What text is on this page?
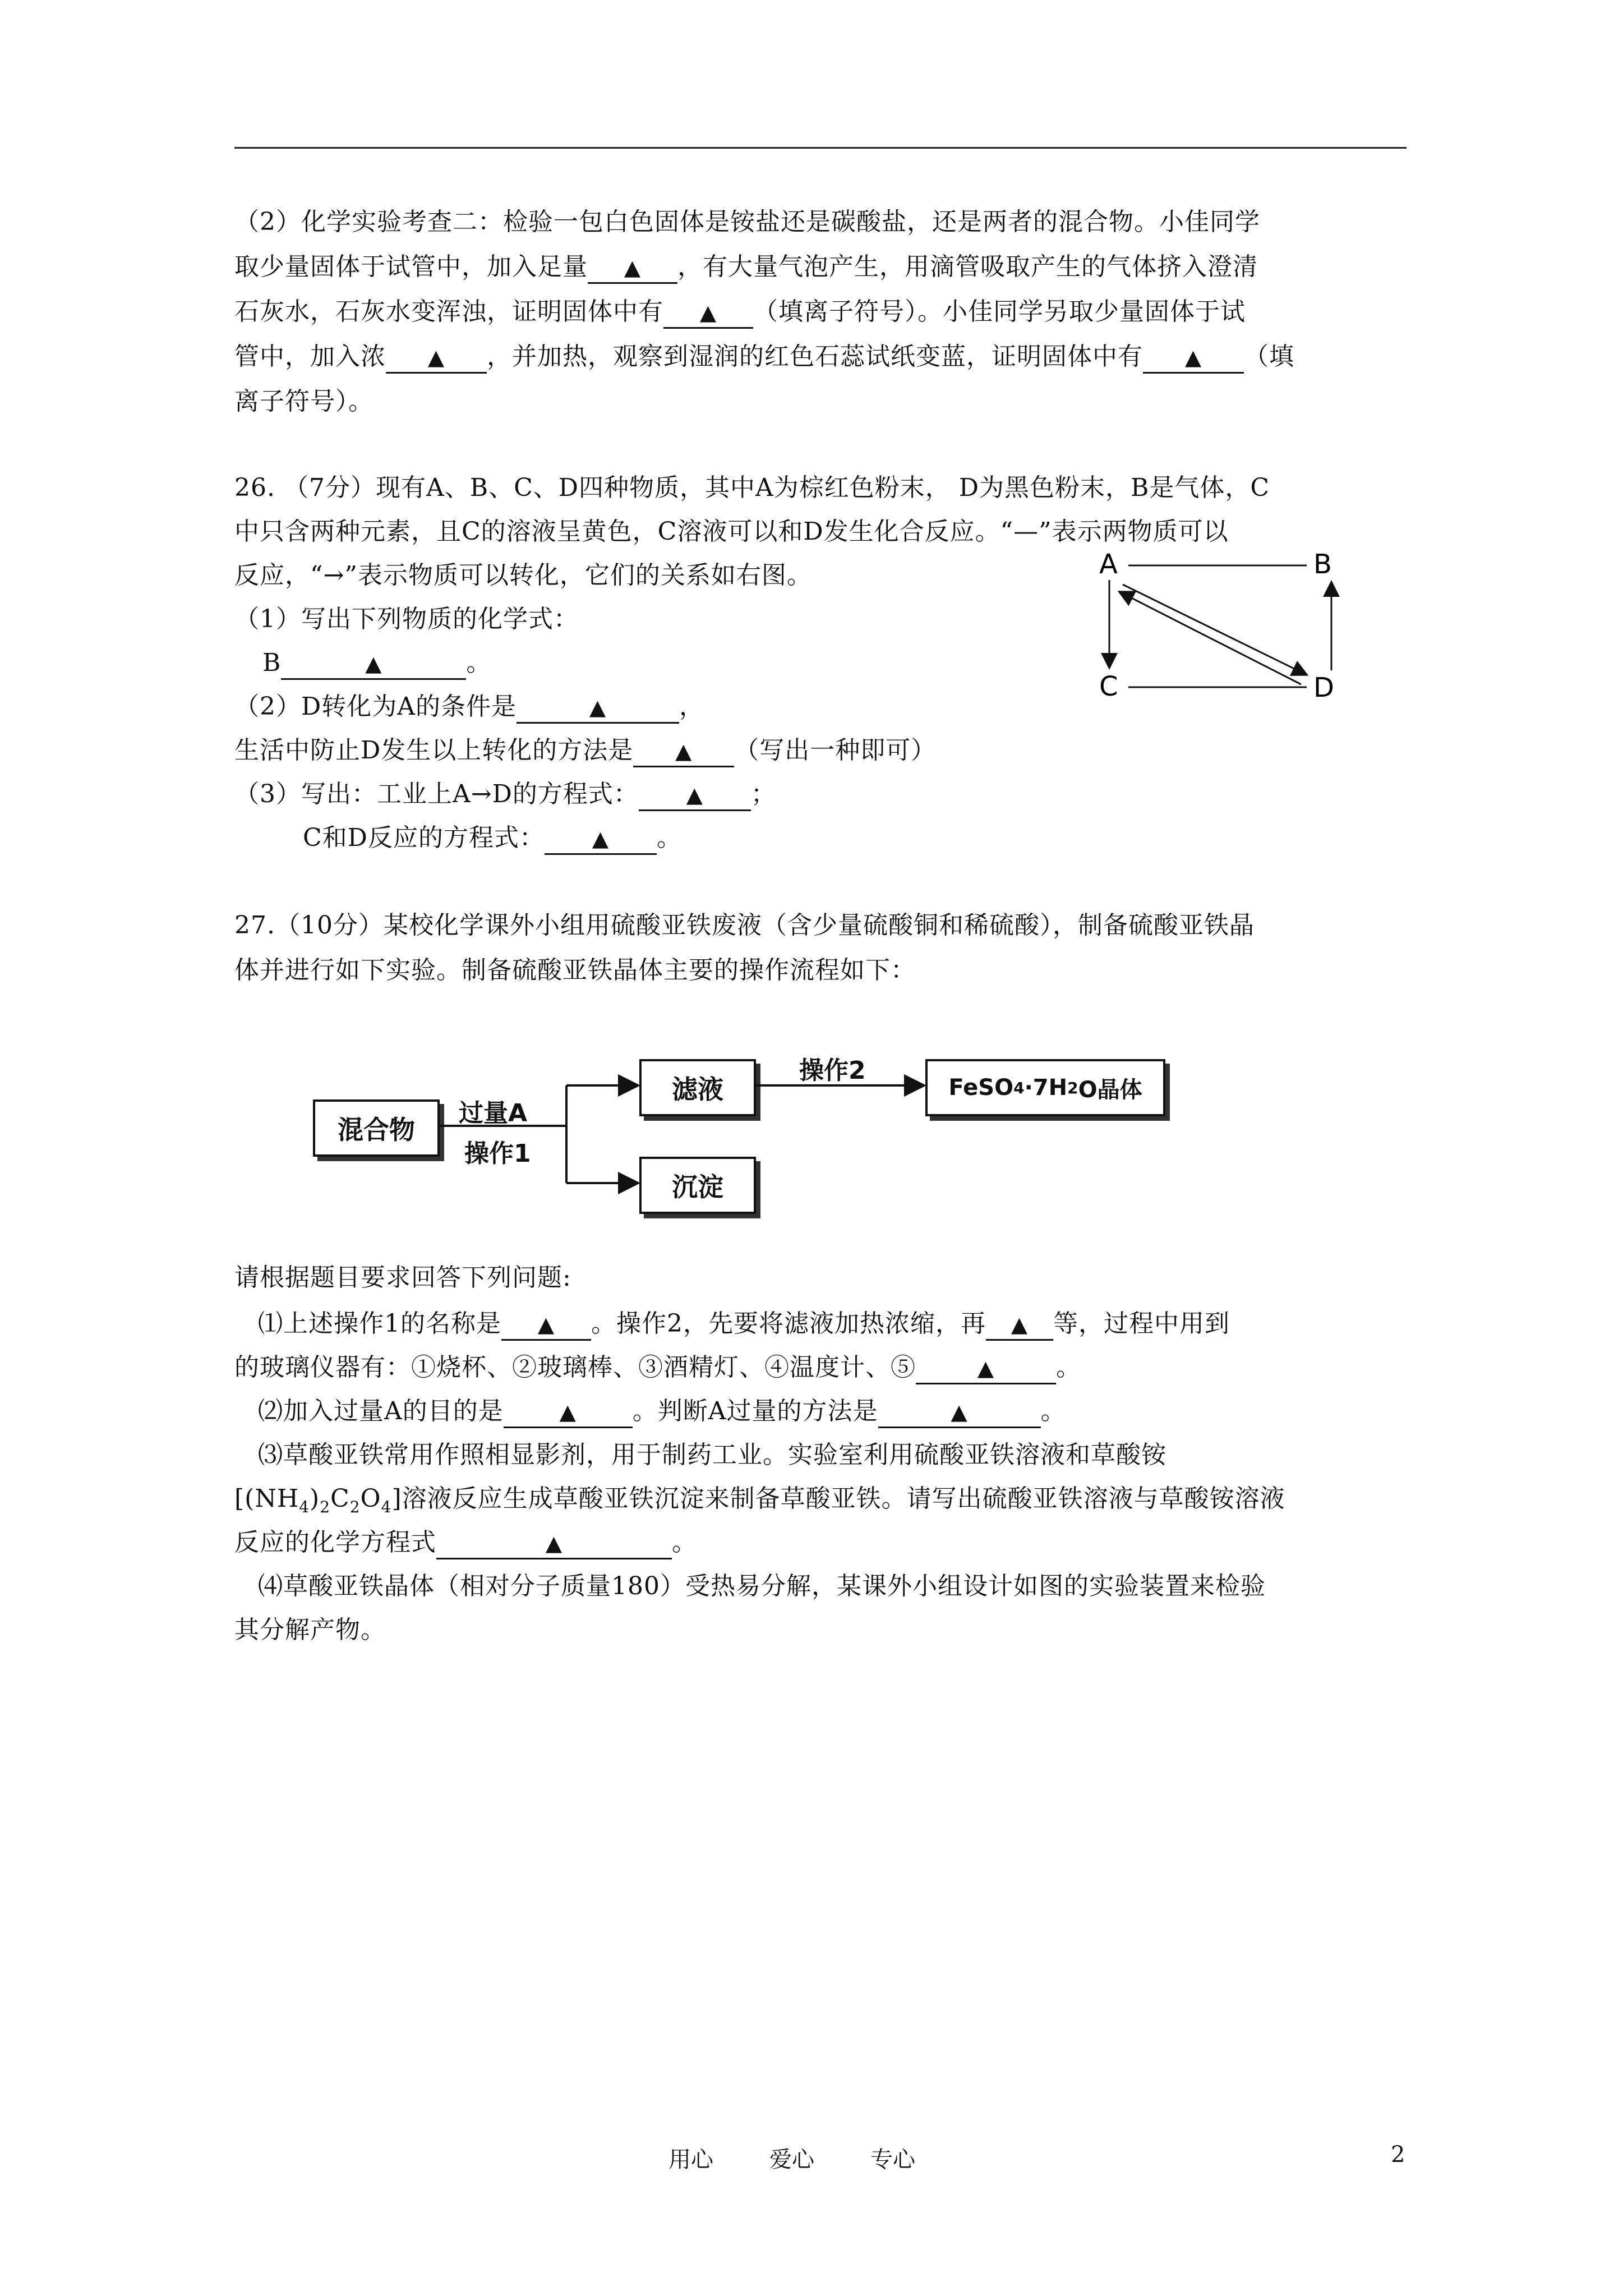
（2）化学实验考查二：检验一包白色固体是铵盐还是碳酸盐，还是两者的混合物。小佳同学
取少量固体于试管中，加入足量 ▲ ，有大量气泡产生，用滴管吸取产生的气体挤入澄清
石灰水，石灰水变浑浊，证明固体中有 ▲ （填离子符号）。小佳同学另取少量固体于试
管中，加入浓 ▲ ，并加热，观察到湿润的红色石蕊试纸变蓝，证明固体中有 ▲ （填
离子符号）。
26. （7分）现有A、B、C、D四种物质，其中A为棕红色粉末， D为黑色粉末，B是气体，C
中只含两种元素，且C的溶液呈黄色，C溶液可以和D发生化合反应。“—”表示两物质可以
反应，“→”表示物质可以转化，它们的关系如右图。
（1）写出下列物质的化学式：
B	▲	。
（2）D转化为A的条件是	▲	，
生活中防止D发生以上转化的方法是 ▲ （写出一种即可）
（3）写出：工业上A→D的方程式： ▲ ；
C和D反应的方程式： ▲ 。
A	B
C	D
27.（10分）某校化学课外小组用硫酸亚铁废液（含少量硫酸铜和稀硫酸），制备硫酸亚铁晶
体并进行如下实验。制备硫酸亚铁晶体主要的操作流程如下：
混合物
滤液
沉淀
FeSO 4 ·7H 2 O晶体
过量A
操作1
操作2
请根据题目要求回答下列问题:
⑴上述操作1的名称是 ▲ 。操作2，先要将滤液加热浓缩，再 ▲ 等，过程中用到
的玻璃仪器有：①烧杯、②玻璃棒、③酒精灯、④温度计、⑤	▲ 。
⑵加入过量A的目的是	▲ 。判断A过量的方法是	▲	。
⑶草酸亚铁常用作照相显影剂，用于制药工业。实验室利用硫酸亚铁溶液和草酸铵
$[(NH_4)_2C_2O_4]$溶液反应生成草酸亚铁沉淀来制备草酸亚铁。请写出硫酸亚铁溶液与草酸铵溶液
反应的化学方程式	▲	。
⑷草酸亚铁晶体（相对分子质量180）受热易分解，某课外小组设计如图的实验装置来检验
其分解产物。
用心	爱心	专心	2
